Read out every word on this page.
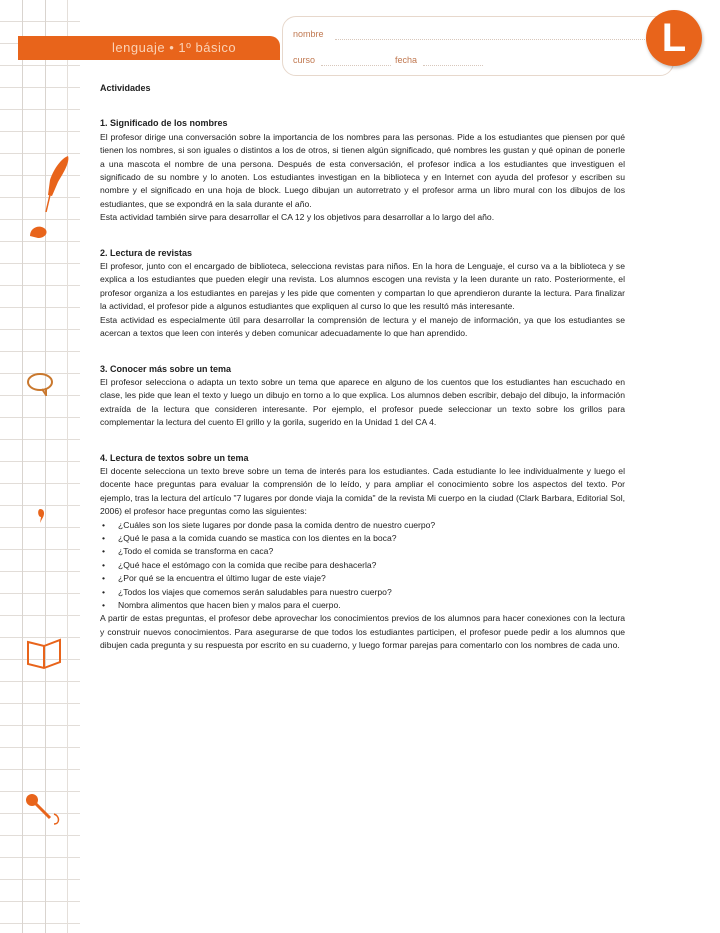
lenguaje • 1º básico
nombre
curso	fecha	L
Actividades
1. Significado de los nombres

El profesor dirige una conversación sobre la importancia de los nombres para las personas. Pide a los estudiantes que piensen por qué tienen los nombres, si son iguales o distintos a los de otros, si tienen algún significado, qué nombres les gustan y qué opinan de ponerle a una mascota el nombre de una persona. Después de esta conversación, el profesor indica a los estudiantes que investiguen el significado de su nombre y lo anoten. Los estudiantes investigan en la biblioteca y en Internet con ayuda del profesor y escriben su nombre y el significado en una hoja de block. Luego dibujan un autorretrato y el profesor arma un libro mural con los dibujos de los estudiantes, que se expondrá en la sala durante el año.

Esta actividad también sirve para desarrollar el CA 12 y los objetivos para desarrollar a lo largo del año.

2. Lectura de revistas

El profesor, junto con el encargado de biblioteca, selecciona revistas para niños. En la hora de Lenguaje, el curso va a la biblioteca y se explica a los estudiantes que pueden elegir una revista. Los alumnos escogen una revista y la leen durante un rato. Posteriormente, el profesor organiza a los estudiantes en parejas y les pide que comenten y compartan lo que aprendieron durante la lectura. Para finalizar la actividad, el profesor pide a algunos estudiantes que expliquen al curso lo que les resultó más interesante.

Esta actividad es especialmente útil para desarrollar la comprensión de lectura y el manejo de información, ya que los estudiantes se acercan a textos que leen con interés y deben comunicar adecuadamente lo que han aprendido.

3. Conocer más sobre un tema

El profesor selecciona o adapta un texto sobre un tema que aparece en alguno de los cuentos que los estudiantes han escuchado en clase, les pide que lean el texto y luego un dibujo en torno a lo que explica. Los alumnos deben escribir, debajo del dibujo, la información extraída de la lectura que consideren interesante. Por ejemplo, el profesor puede seleccionar un texto sobre los grillos para complementar la lectura del cuento El grillo y la gorila, sugerido en la Unidad 1 del CA 4.

4. Lectura de textos sobre un tema

El docente selecciona un texto breve sobre un tema de interés para los estudiantes. Cada estudiante lo lee individualmente y luego el docente hace preguntas para evaluar la comprensión de lo leído, y para ampliar el conocimiento sobre los aspectos del texto. Por ejemplo, tras la lectura del artículo "7 lugares por donde viaja la comida" de la revista Mi cuerpo en la ciudad (Clark Barbara, Editorial Sol, 2006) el profesor hace preguntas como las siguientes:

• ¿Cuáles son los siete lugares por donde pasa la comida dentro de nuestro cuerpo?
• ¿Qué le pasa a la comida cuando se mastica con los dientes en la boca?
• ¿Todo el comida se transforma en caca?
• ¿Qué hace el estómago con la comida que recibe para deshacerla?
• ¿Por qué se la encuentra el último lugar de este viaje?
• ¿Todos los viajes que comemos serán saludables para nuestro cuerpo?
• Nombra alimentos que hacen bien y malos para el cuerpo.

A partir de estas preguntas, el profesor debe aprovechar los conocimientos previos de los alumnos para hacer conexiones con la lectura y construir nuevos conocimientos. Para asegurarse de que todos los estudiantes participen, el profesor puede pedir a los alumnos que dibujen cada pregunta y su respuesta por escrito en su cuaderno, y luego formar parejas para comentarlo con los nombres de cada uno.
